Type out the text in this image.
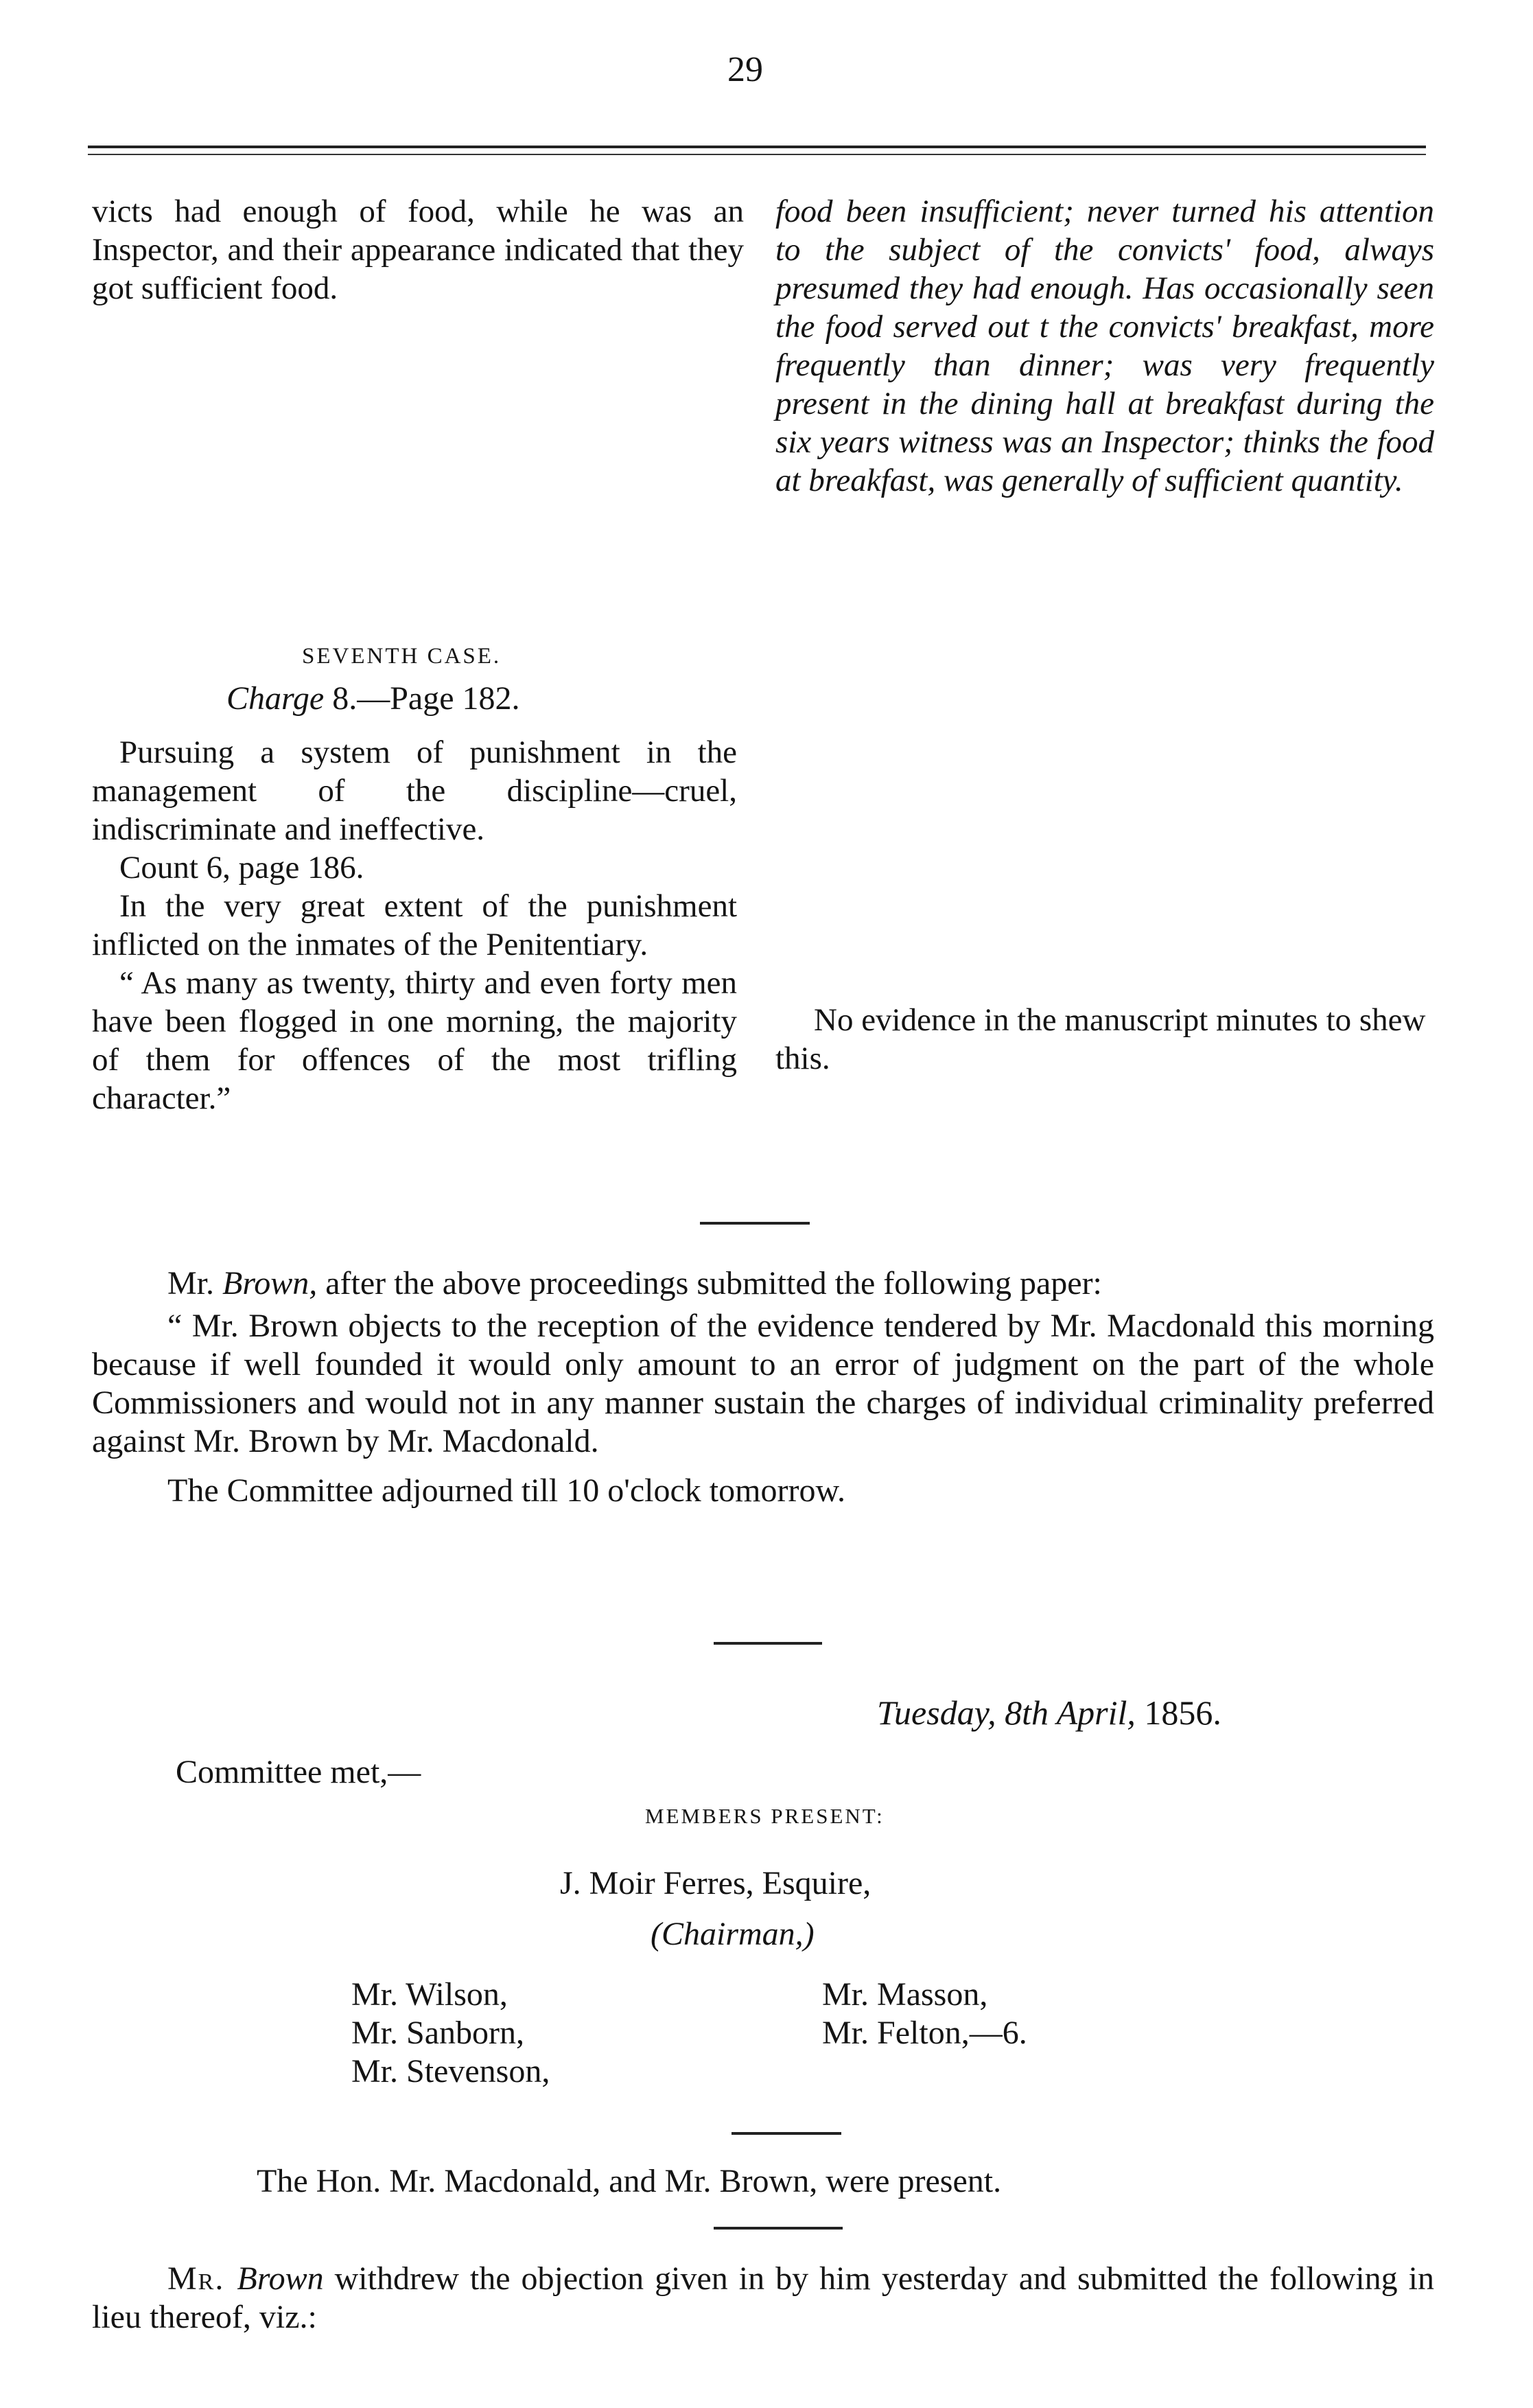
29

victs had enough of food, while he was an Inspector, and their appearance indicated that they got sufficient food.

food been insufficient; never turned his attention to the subject of the convicts' food, always presumed they had enough. Has occasionally seen the food served out t the convicts' breakfast, more frequently than dinner; was very frequently present in the dining hall at breakfast during the six years witness was an Inspector; thinks the food at breakfast, was generally of sufficient quantity.

SEVENTH CASE.
Charge 8.—Page 182.

Pursuing a system of punishment in the management of the discipline—cruel, indiscriminate and ineffective.

Count 6, page 186.

In the very great extent of the punishment inflicted on the inmates of the Penitentiary.

“ As many as twenty, thirty and even forty men have been flogged in one morning, the majority of them for offences of the most trifling character.”

No evidence in the manuscript minutes to shew this.

Mr. Brown, after the above proceedings submitted the following paper:

“ Mr. Brown objects to the reception of the evidence tendered by Mr. Macdonald this morning because if well founded it would only amount to an error of judgment on the part of the whole Commissioners and would not in any manner sustain the charges of individual criminality preferred against Mr. Brown by Mr. Macdonald.

The Committee adjourned till 10 o'clock tomorrow.

Tuesday, 8th April, 1856.
Committee met,—
MEMBERS PRESENT:
J. Moir Ferres, Esquire,
(Chairman,)
Mr. Wilson,
Mr. Sanborn,
Mr. Stevenson,
Mr. Masson,
Mr. Felton,—6.
The Hon. Mr. Macdonald, and Mr. Brown, were present.

Mr. Brown withdrew the objection given in by him yesterday and submitted the following in lieu thereof, viz.:
